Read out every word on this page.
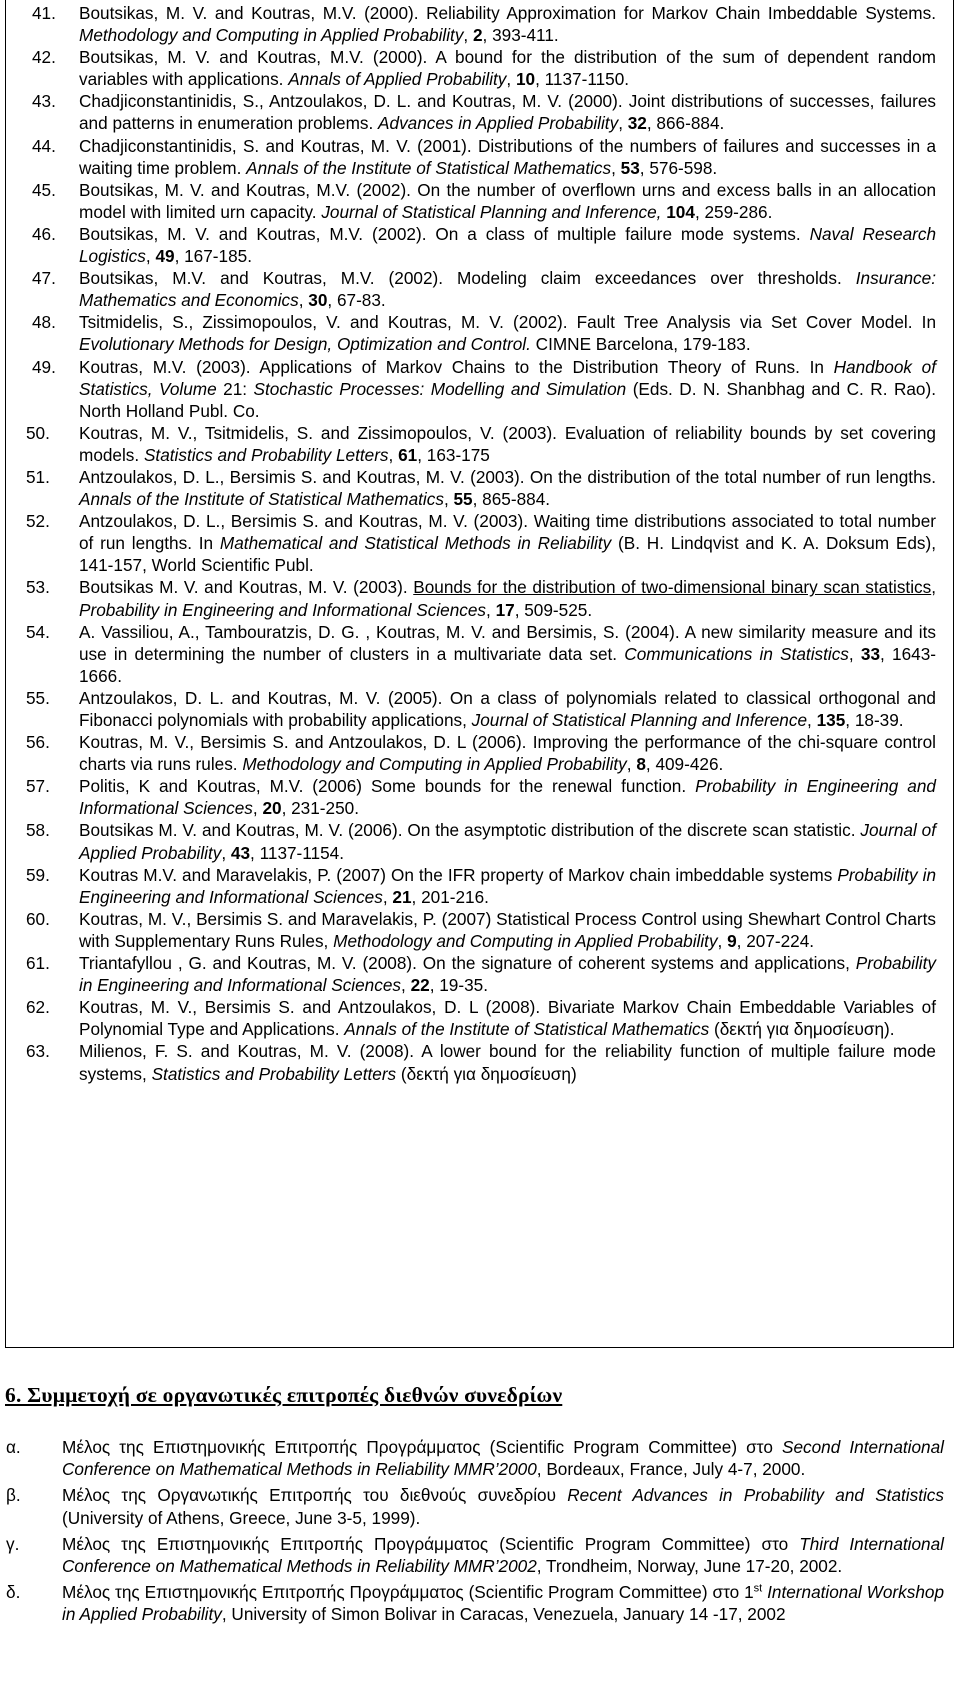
41.	Boutsikas, M. V. and Koutras, M.V. (2000). Reliability Approximation for Markov Chain Imbeddable Systems. Methodology and Computing in Applied Probability, 2, 393-411.
42.	Boutsikas, M. V. and Koutras, M.V. (2000). A bound for the distribution of the sum of dependent random variables with applications. Annals of Applied Probability, 10, 1137-1150.
43.	Chadjiconstantinidis, S., Antzoulakos, D. L. and Koutras, M. V. (2000). Joint distributions of successes, failures and patterns in enumeration problems. Advances in Applied Probability, 32, 866-884.
44.	Chadjiconstantinidis, S. and Koutras, M. V. (2001). Distributions of the numbers of failures and successes in a waiting time problem. Annals of the Institute of Statistical Mathematics, 53, 576-598.
45.	Boutsikas, M. V. and Koutras, M.V. (2002). On the number of overflown urns and excess balls in an allocation model with limited urn capacity. Journal of Statistical Planning and Inference, 104, 259-286.
46.	Boutsikas, M. V. and Koutras, M.V. (2002). On a class of multiple failure mode systems. Naval Research Logistics, 49, 167-185.
47.	Boutsikas, M.V. and Koutras, M.V. (2002). Modeling claim exceedances over thresholds. Insurance: Mathematics and Economics, 30, 67-83.
48.	Tsitmidelis, S., Zissimopoulos, V. and Koutras, M. V. (2002). Fault Tree Analysis via Set Cover Model. In Evolutionary Methods for Design, Optimization and Control. CIMNE Barcelona, 179-183.
49.	Koutras, M.V. (2003). Applications of Markov Chains to the Distribution Theory of Runs. In Handbook of Statistics, Volume 21: Stochastic Processes: Modelling and Simulation (Eds. D. N. Shanbhag and C. R. Rao). North Holland Publ. Co.
50.	Koutras, M. V., Tsitmidelis, S. and Zissimopoulos, V. (2003). Evaluation of reliability bounds by set covering models. Statistics and Probability Letters, 61, 163-175
51.	Antzoulakos, D. L., Bersimis S. and Koutras, M. V. (2003). On the distribution of the total number of run lengths. Annals of the Institute of Statistical Mathematics, 55, 865-884.
52.	Antzoulakos, D. L., Bersimis S. and Koutras, M. V. (2003). Waiting time distributions associated to total number of run lengths. In Mathematical and Statistical Methods in Reliability (B. H. Lindqvist and K. A. Doksum Eds), 141-157, World Scientific Publ.
53.	Boutsikas M. V. and Koutras, M. V. (2003). Bounds for the distribution of two-dimensional binary scan statistics, Probability in Engineering and Informational Sciences, 17, 509-525.
54.	A. Vassiliou, A., Tambouratzis, D. G. , Koutras, M. V. and Bersimis, S. (2004). A new similarity measure and its use in determining the number of clusters in a multivariate data set. Communications in Statistics, 33, 1643-1666.
55.	Antzoulakos, D. L. and Koutras, M. V. (2005). On a class of polynomials related to classical orthogonal and Fibonacci polynomials with probability applications, Journal of Statistical Planning and Inference, 135, 18-39.
56.	Koutras, M. V., Bersimis S. and Antzoulakos, D. L (2006). Improving the performance of the chi-square control charts via runs rules. Methodology and Computing in Applied Probability, 8, 409-426.
57.	Politis, K and Koutras, M.V. (2006) Some bounds for the renewal function. Probability in Engineering and Informational Sciences, 20, 231-250.
58.	Boutsikas M. V. and Koutras, M. V. (2006). On the asymptotic distribution of the discrete scan statistic. Journal of Applied Probability, 43, 1137-1154.
59.	Koutras M.V. and Maravelakis, P. (2007) On the IFR property of Markov chain imbeddable systems Probability in Engineering and Informational Sciences, 21, 201-216.
60.	Koutras, M. V., Bersimis S. and Maravelakis, P. (2007) Statistical Process Control using Shewhart Control Charts with Supplementary Runs Rules, Methodology and Computing in Applied Probability, 9, 207-224.
61.	Triantafyllou , G. and Koutras, M. V. (2008). On the signature of coherent systems and applications, Probability in Engineering and Informational Sciences, 22, 19-35.
62.	Koutras, M. V., Bersimis S. and Antzoulakos, D. L (2008). Bivariate Markov Chain Embeddable Variables of Polynomial Type and Applications. Annals of the Institute of Statistical Mathematics (δεκτή για δημοσίευση).
63.	Milienos, F. S. and Koutras, M. V. (2008). A lower bound for the reliability function of multiple failure mode systems, Statistics and Probability Letters (δεκτή για δημοσίευση)
6. Συμμετοχή σε οργανωτικές επιτροπές διεθνών συνεδρίων
α.	Μέλος της Επιστημονικής Επιτροπής Προγράμματος (Scientific Program Committee) στο Second International Conference on Mathematical Methods in Reliability MMR’2000, Bordeaux, France, July 4-7, 2000.
β.	Μέλος της Οργανωτικής Επιτροπής του διεθνούς συνεδρίου Recent Advances in Probability and Statistics (University of Athens, Greece, June 3-5, 1999).
γ.	Μέλος της Επιστημονικής Επιτροπής Προγράμματος (Scientific Program Committee) στο Third International Conference on Mathematical Methods in Reliability MMR’2002, Trondheim, Norway, June 17-20, 2002.
δ.	Μέλος της Επιστημονικής Επιτροπής Προγράμματος (Scientific Program Committee) στο 1st International Workshop in Applied Probability, University of Simon Bolivar in Caracas, Venezuela, January 14 -17, 2002
